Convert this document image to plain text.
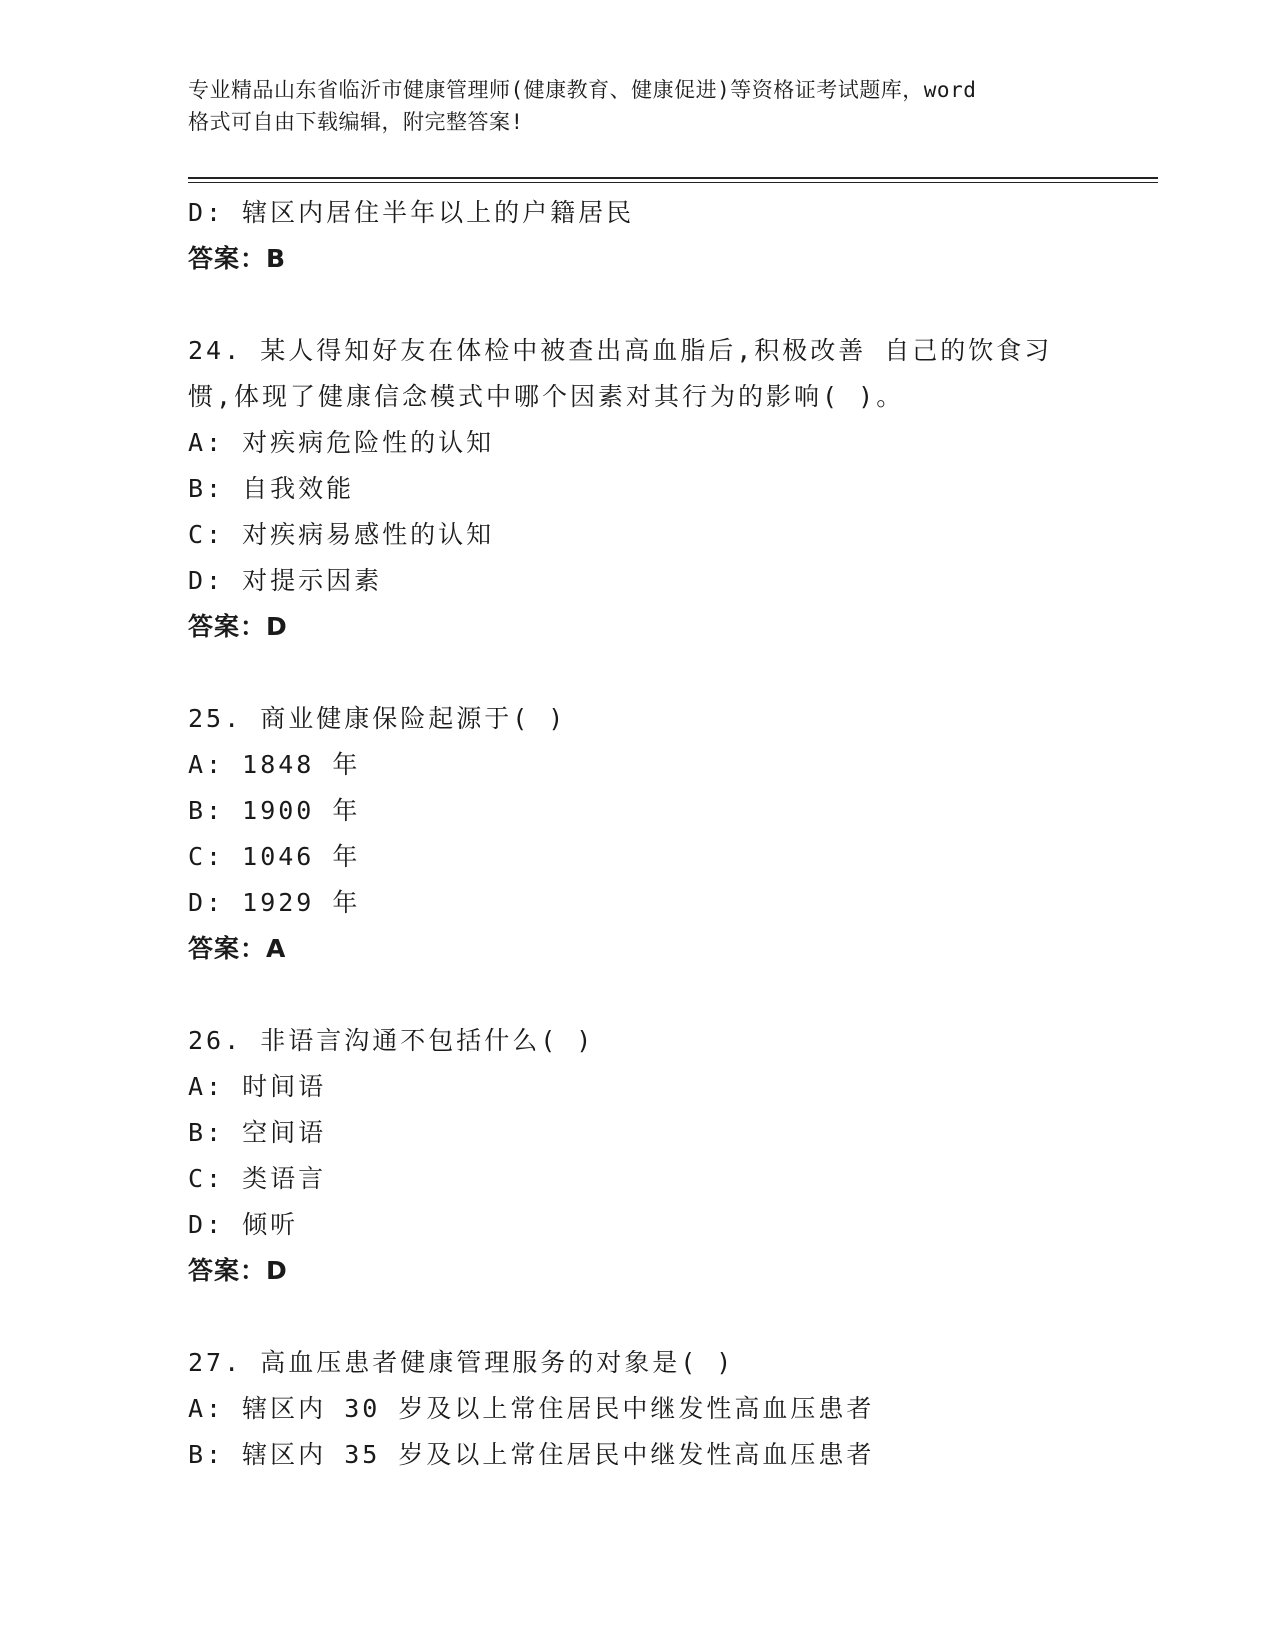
专业精品山东省临沂市健康管理师(健康教育、健康促进)等资格证考试题库，word
格式可自由下载编辑，附完整答案!
D: 辖区内居住半年以上的户籍居民
答案：B
24. 某人得知好友在体检中被查出高血脂后,积极改善 自己的饮食习
惯,体现了健康信念模式中哪个因素对其行为的影响( )。
A: 对疾病危险性的认知
B: 自我效能
C: 对疾病易感性的认知
D: 对提示因素
答案：D
25. 商业健康保险起源于( )
A: 1848 年
B: 1900 年
C: 1046 年
D: 1929 年
答案：A
26. 非语言沟通不包括什么( )
A: 时间语
B: 空间语
C: 类语言
D: 倾听
答案：D
27. 高血压患者健康管理服务的对象是( )
A: 辖区内 30 岁及以上常住居民中继发性高血压患者
B: 辖区内 35 岁及以上常住居民中继发性高血压患者
